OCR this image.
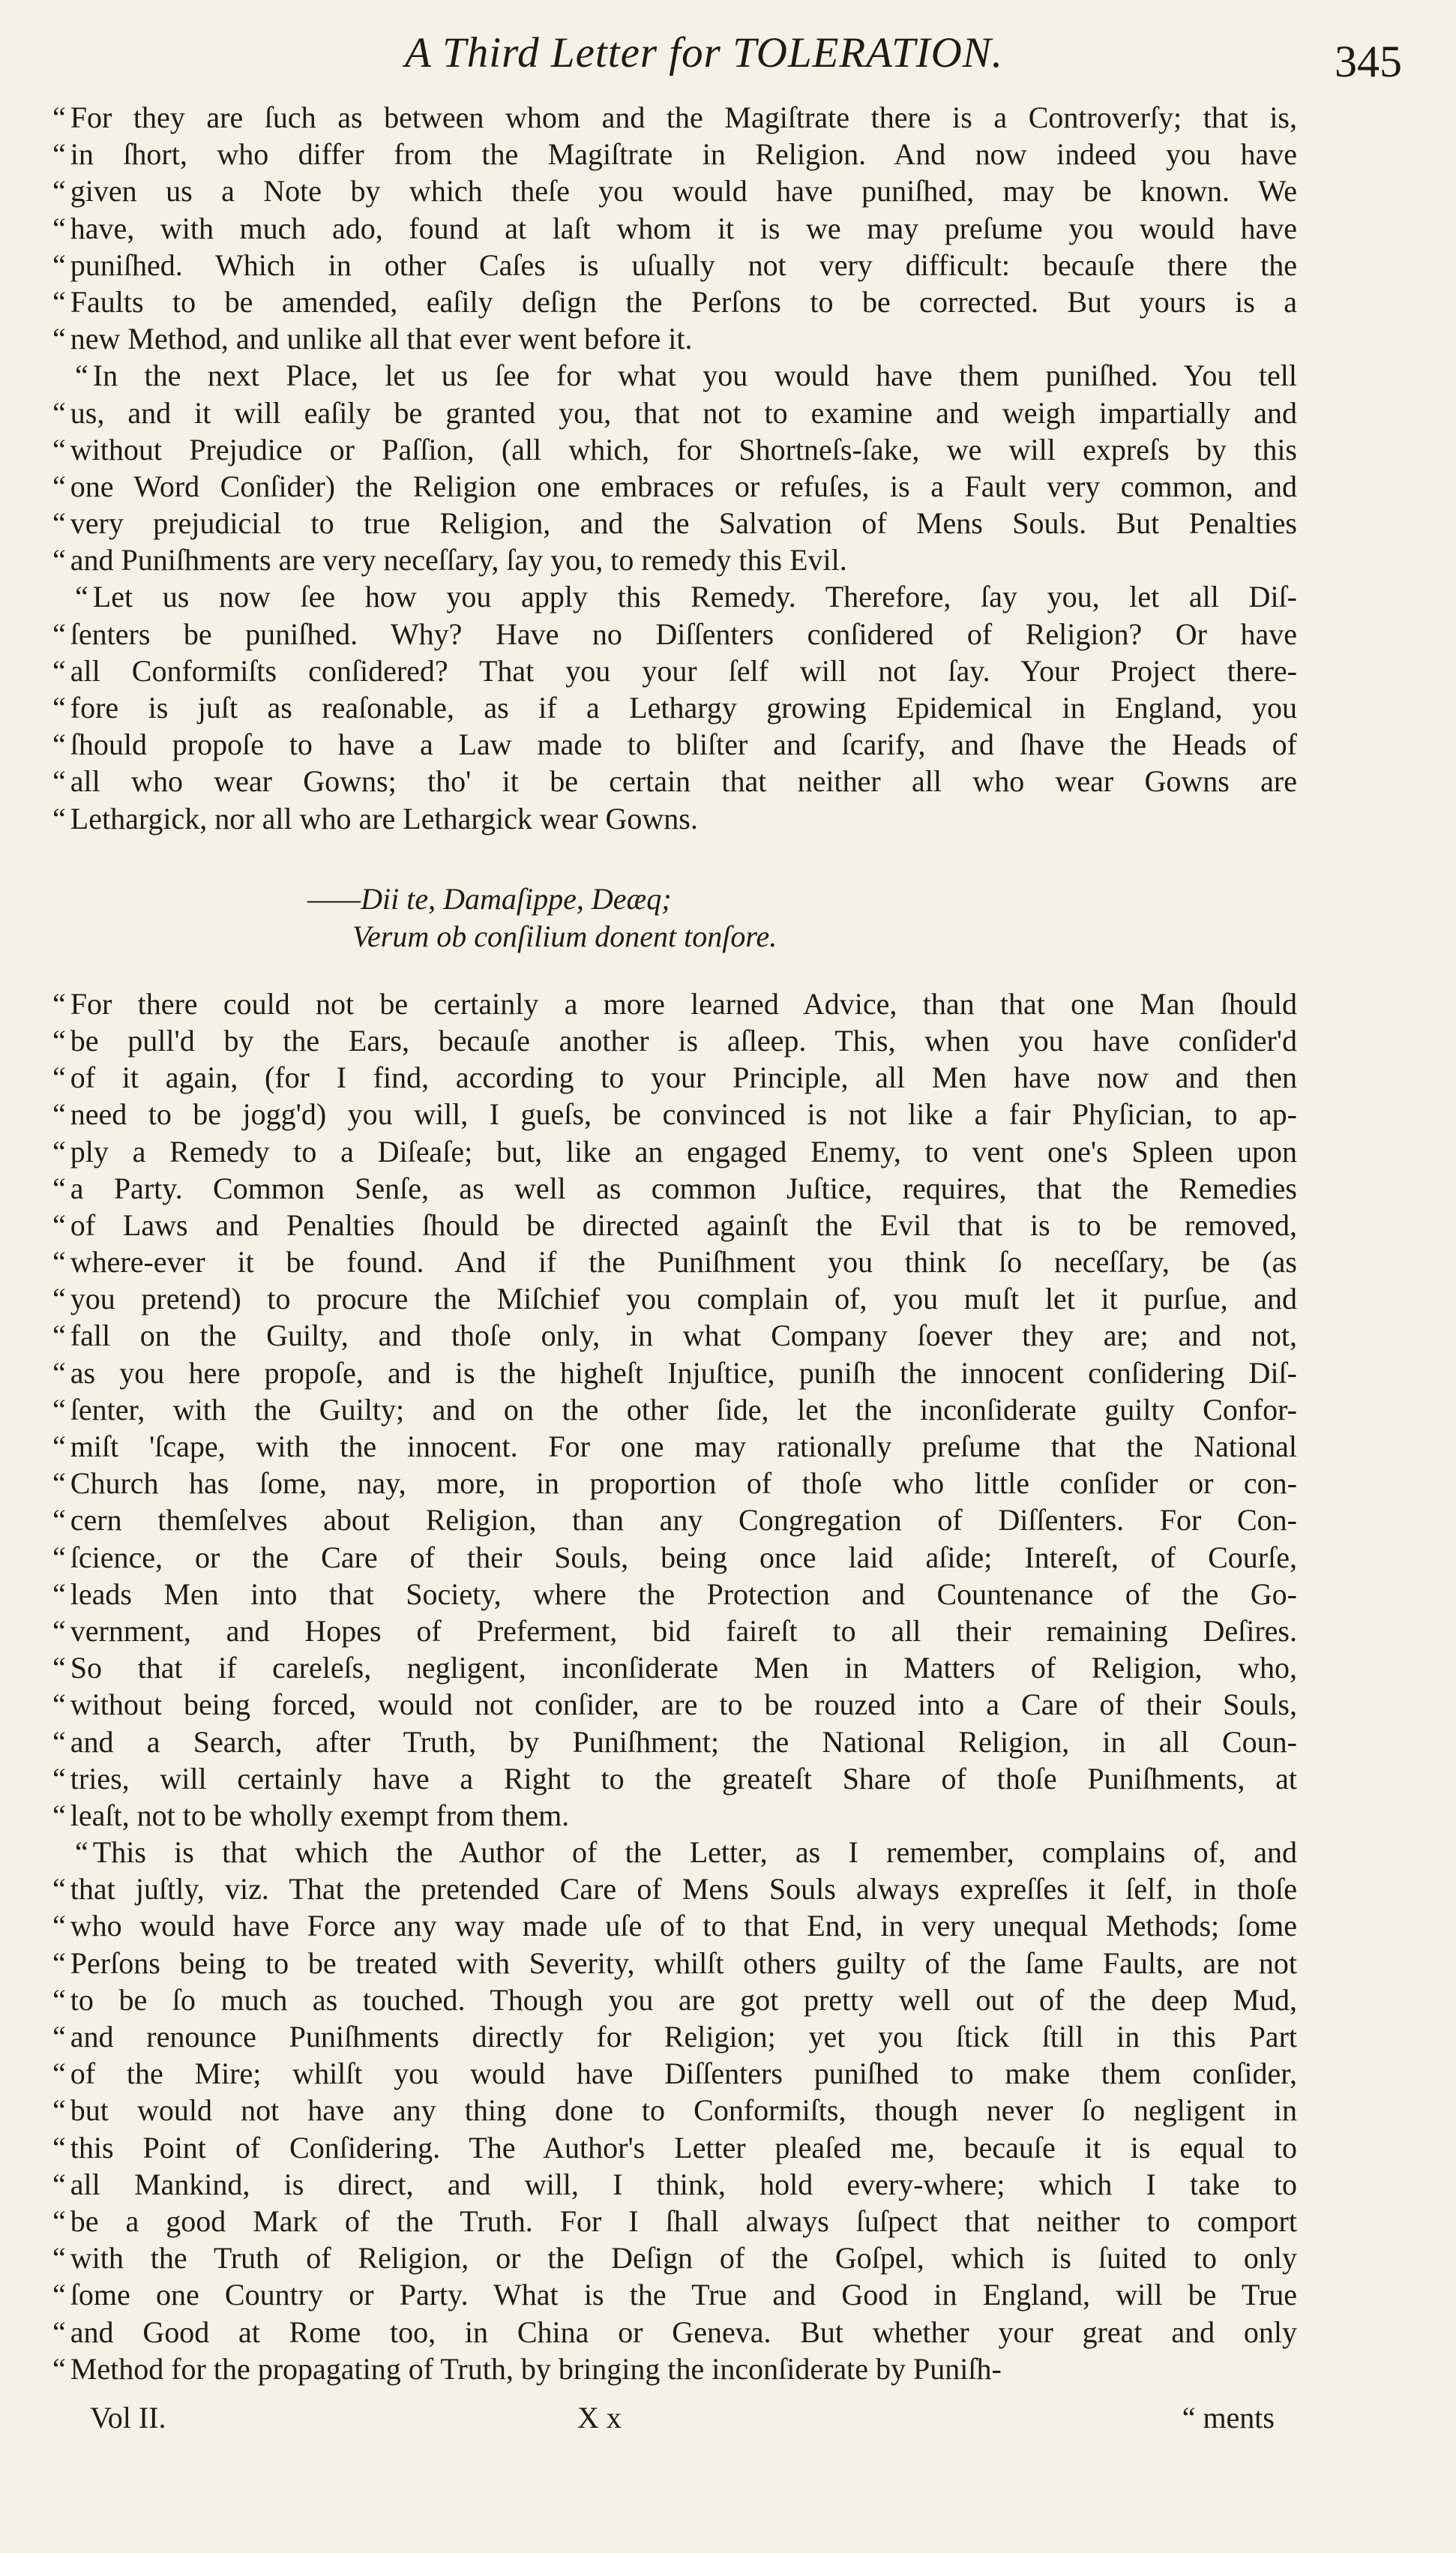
A Third Letter for TOLERATION.	345
“ For they are ſuch as between whom and the Magiſtrate there is a Controverſy; that is,
“ in ſhort, who differ from the Magiſtrate in Religion. And now indeed you have
“ given us a Note by which theſe you would have puniſhed, may be known. We
“ have, with much ado, found at laſt whom it is we may preſume you would have
“ puniſhed. Which in other Caſes is uſually not very difficult: becauſe there the
“ Faults to be amended, eaſily deſign the Perſons to be corrected. But yours is a
“ new Method, and unlike all that ever went before it.
“ In the next Place, let us ſee for what you would have them puniſhed. You tell
“ us, and it will eaſily be granted you, that not to examine and weigh impartially and
“ without Prejudice or Paſſion, (all which, for Shortneſs-ſake, we will expreſs by this
“ one Word Conſider) the Religion one embraces or refuſes, is a Fault very common, and
“ very prejudicial to true Religion, and the Salvation of Mens Souls. But Penalties
“ and Puniſhments are very neceſſary, ſay you, to remedy this Evil.
“ Let us now ſee how you apply this Remedy. Therefore, ſay you, let all Diſ-
“ ſenters be puniſhed. Why? Have no Diſſenters conſidered of Religion? Or have
“ all Conformiſts conſidered? That you your ſelf will not ſay. Your Project there-
“ fore is juſt as reaſonable, as if a Lethargy growing Epidemical in England, you
“ ſhould propoſe to have a Law made to bliſter and ſcarify, and ſhave the Heads of
“ all who wear Gowns; tho' it be certain that neither all who wear Gowns are
“ Lethargick, nor all who are Lethargick wear Gowns.
——Dii te, Damaſippe, Deæq;
Verum ob conſilium donent tonſore.
“ For there could not be certainly a more learned Advice, than that one Man ſhould
“ be pull'd by the Ears, becauſe another is aſleep. This, when you have conſider'd
“ of it again, (for I find, according to your Principle, all Men have now and then
“ need to be jogg'd) you will, I gueſs, be convinced is not like a fair Phyſician, to ap-
“ ply a Remedy to a Diſeaſe; but, like an engaged Enemy, to vent one's Spleen upon
“ a Party. Common Senſe, as well as common Juſtice, requires, that the Remedies
“ of Laws and Penalties ſhould be directed againſt the Evil that is to be removed,
“ where-ever it be found. And if the Puniſhment you think ſo neceſſary, be (as
“ you pretend) to procure the Miſchief you complain of, you muſt let it purſue, and
“ fall on the Guilty, and thoſe only, in what Company ſoever they are; and not,
“ as you here propoſe, and is the higheſt Injuſtice, puniſh the innocent conſidering Diſ-
“ ſenter, with the Guilty; and on the other ſide, let the inconſiderate guilty Confor-
“ miſt 'ſcape, with the innocent. For one may rationally preſume that the National
“ Church has ſome, nay, more, in proportion of thoſe who little conſider or con-
“ cern themſelves about Religion, than any Congregation of Diſſenters. For Con-
“ ſcience, or the Care of their Souls, being once laid aſide; Intereſt, of Courſe,
“ leads Men into that Society, where the Protection and Countenance of the Go-
“ vernment, and Hopes of Preferment, bid faireſt to all their remaining Deſires.
“ So that if careleſs, negligent, inconſiderate Men in Matters of Religion, who,
“ without being forced, would not conſider, are to be rouzed into a Care of their Souls,
“ and a Search, after Truth, by Puniſhment; the National Religion, in all Coun-
“ tries, will certainly have a Right to the greateſt Share of thoſe Puniſhments, at
“ leaſt, not to be wholly exempt from them.
“ This is that which the Author of the Letter, as I remember, complains of, and
“ that juſtly, viz. That the pretended Care of Mens Souls always expreſſes it ſelf, in thoſe
“ who would have Force any way made uſe of to that End, in very unequal Methods; ſome
“ Perſons being to be treated with Severity, whilſt others guilty of the ſame Faults, are not
“ to be ſo much as touched. Though you are got pretty well out of the deep Mud,
“ and renounce Puniſhments directly for Religion; yet you ſtick ſtill in this Part
“ of the Mire; whilſt you would have Diſſenters puniſhed to make them conſider,
“ but would not have any thing done to Conformiſts, though never ſo negligent in
“ this Point of Conſidering. The Author's Letter pleaſed me, becauſe it is equal to
“ all Mankind, is direct, and will, I think, hold every-where; which I take to
“ be a good Mark of the Truth. For I ſhall always ſuſpect that neither to comport
“ with the Truth of Religion, or the Deſign of the Goſpel, which is ſuited to only
“ ſome one Country or Party. What is the True and Good in England, will be True
“ and Good at Rome too, in China or Geneva. But whether your great and only
“ Method for the propagating of Truth, by bringing the inconſiderate by Puniſh-
Vol II.	X x	“ ments
